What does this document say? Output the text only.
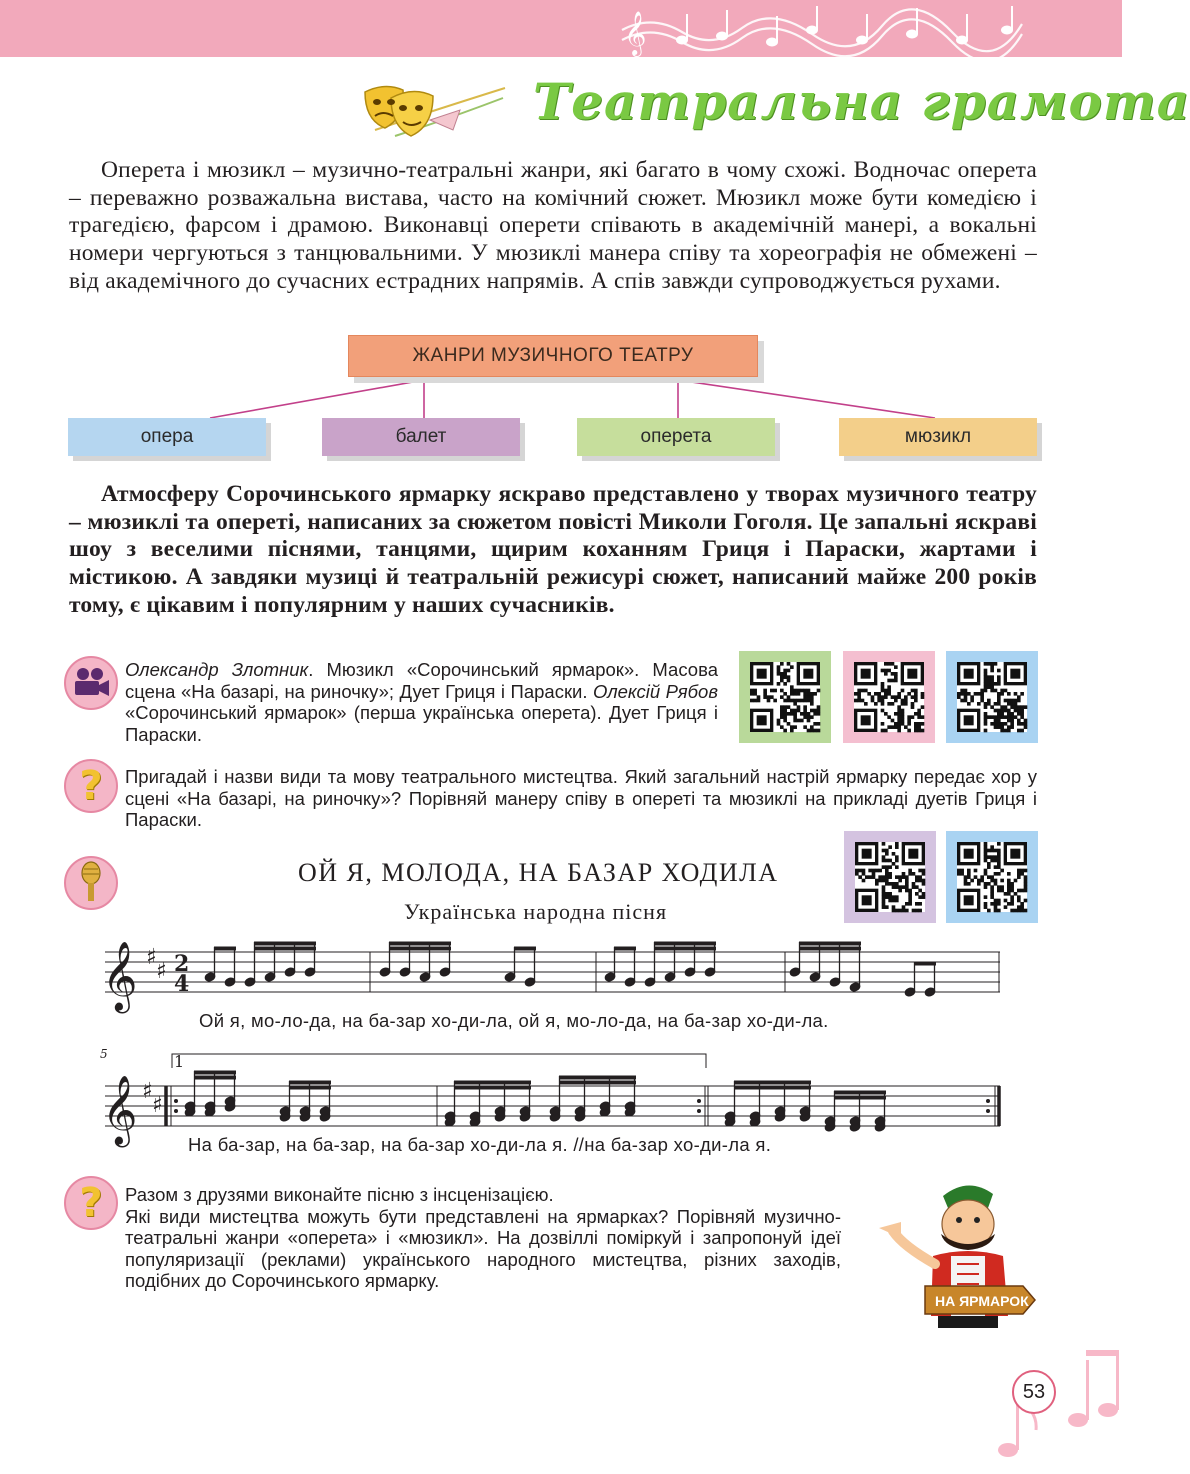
𝄞
Театральна грамота
Оперета і мюзикл – музично-театральні жанри, які багато в чому схожі. Водночас оперета – переважно розважальна вистава, часто на комічний сюжет. Мюзикл може бути комедією і трагедією, фарсом і драмою. Виконавці оперети співають в академічній манері, а вокальні номери чергуються з танцювальними. У мюзиклі манера співу та хореографія не обмежені – від академічного до сучасних естрадних напрямів. А спів завжди супроводжується рухами.
ЖАНРИ МУЗИЧНОГО ТЕАТРУ
опера	балет	оперета	мюзикл
Атмосферу Сорочинського ярмарку яскраво представлено у творах музичного театру – мюзиклі та опереті, написаних за сюжетом повісті Миколи Гоголя. Це запальні яскраві шоу з веселими піснями, танцями, щирим коханням Гриця і Параски, жартами і містикою. А завдяки музиці й театральній режисурі сюжет, написаний майже 200 років тому, є цікавим і популярним у наших сучасників.
Олександр Злотник. Мюзикл «Сорочинський ярмарок». Масова сцена «На базарі, на риночку»; Дует Гриця і Параски. Олексій Рябов «Сорочинський ярмарок» (перша українська оперета). Дует Гриця і Параски.
? Пригадай і назви види та мову театрального мистецтва. Який загальний настрій ярмарку передає хор у сцені «На базарі, на риночку»? Порівняй манеру співу в опереті та мюзиклі на прикладі дуетів Гриця і Параски.
ОЙ Я, МОЛОДА, НА БАЗАР ХОДИЛА
Українська народна пісня
𝄞 ♯
♯ 2
4
Ой я, мо-ло-да, на ба-зар хо-ди-ла, ой я, мо-ло-да, на ба-зар хо-ди-ла.
5	1
𝄞 ♯
♯
На ба-зар, на ба-зар, на ба-зар хо-ди-ла я. //на ба-зар хо-ди-ла я.
? Разом з друзями виконайте пісню з інсценізацією.
Які види мистецтва можуть бути представлені на ярмарках? Порівняй музично-театральні жанри «оперета» і «мюзикл». На дозвіллі поміркуй і запропонуй ідеї популяризації (реклами) українського народного мистецтва, різних заходів, подібних до Сорочинського ярмарку.
НА ЯРМАРОК
53
